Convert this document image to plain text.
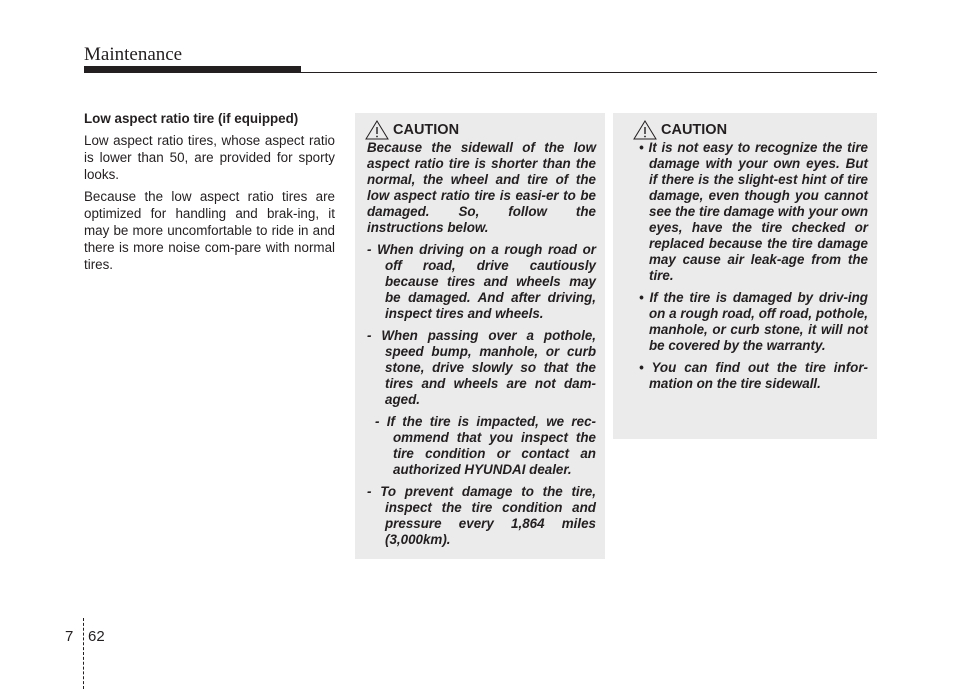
Maintenance
Low aspect ratio tire (if equipped)

Low aspect ratio tires, whose aspect ratio is lower than 50, are provided for sporty looks.

Because the low aspect ratio tires are optimized for handling and brak-ing, it may be more uncomfortable to ride in and there is more noise com-pare with normal tires.

CAUTION

Because the sidewall of the low aspect ratio tire is shorter than the normal, the wheel and tire of the low aspect ratio tire is easi-er to be damaged. So, follow the instructions below.

- When driving on a rough road or off road, drive cautiously because tires and wheels may be damaged. And after driving, inspect tires and wheels.

- When passing over a pothole, speed bump, manhole, or curb stone, drive slowly so that the tires and wheels are not dam-aged.

- If the tire is impacted, we rec-ommend that you inspect the tire condition or contact an authorized HYUNDAI dealer.

- To prevent damage to the tire, inspect the tire condition and pressure every 1,864 miles (3,000km).

CAUTION

• It is not easy to recognize the tire damage with your own eyes. But if there is the slight-est hint of tire damage, even though you cannot see the tire damage with your own eyes, have the tire checked or replaced because the tire damage may cause air leak-age from the tire.

• If the tire is damaged by driv-ing on a rough road, off road, pothole, manhole, or curb stone, it will not be covered by the warranty.

• You can find out the tire infor-mation on the tire sidewall.

7 62
